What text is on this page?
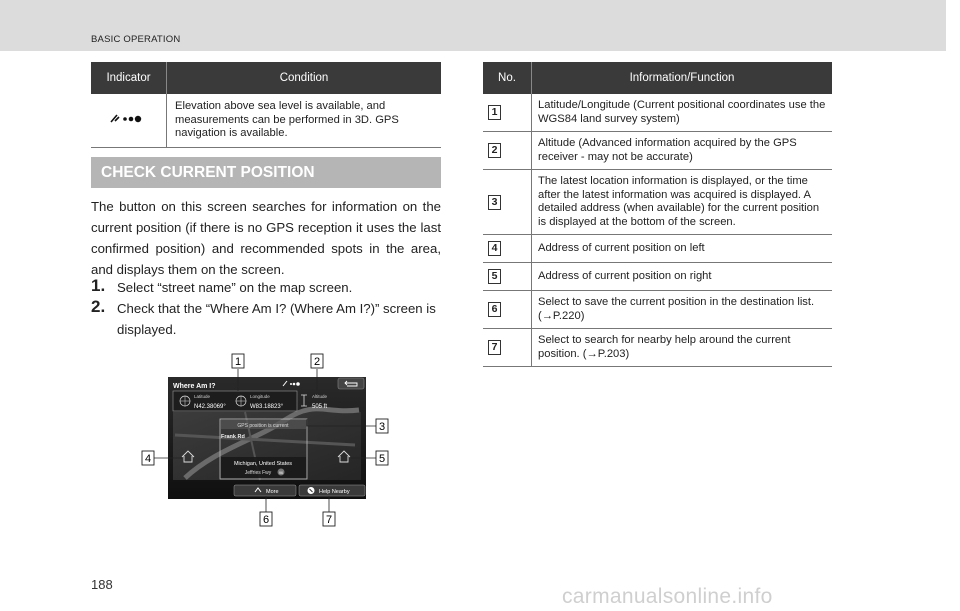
BASIC OPERATION
Indicator	Condition
	Elevation above sea level is available, and measurements can be performed in 3D. GPS navigation is available.
CHECK CURRENT POSITION
The button on this screen searches for information on the current position (if there is no GPS reception it uses the last confirmed position) and recommended spots in the area, and displays them on the screen.
1. Select “street name” on the map screen.
2. Check that the “Where Am I? (Where Am I?)” screen is displayed.
Where Am I?
Latitude
N42.38069°
Longitude
W83.18823°
Altitude
505 ft
GPS position is current
Frank Rd
Michigan, United States
Jeffries Fwy 96
More	Help Nearby
1	2
3
4	5
6	7
No.	Information/Function
1	Latitude/Longitude (Current positional coordinates use the WGS84 land survey system)
2	Altitude (Advanced information acquired by the GPS receiver - may not be accurate)
3	The latest location information is displayed, or the time after the latest information was acquired is displayed. A detailed address (when available) for the current position is displayed at the bottom of the screen.
4	Address of current position on left
5	Address of current position on right
6	Select to save the current position in the destination list. (→P.220)
7	Select to search for nearby help around the current position. (→P.203)
188
carmanualsonline.info
